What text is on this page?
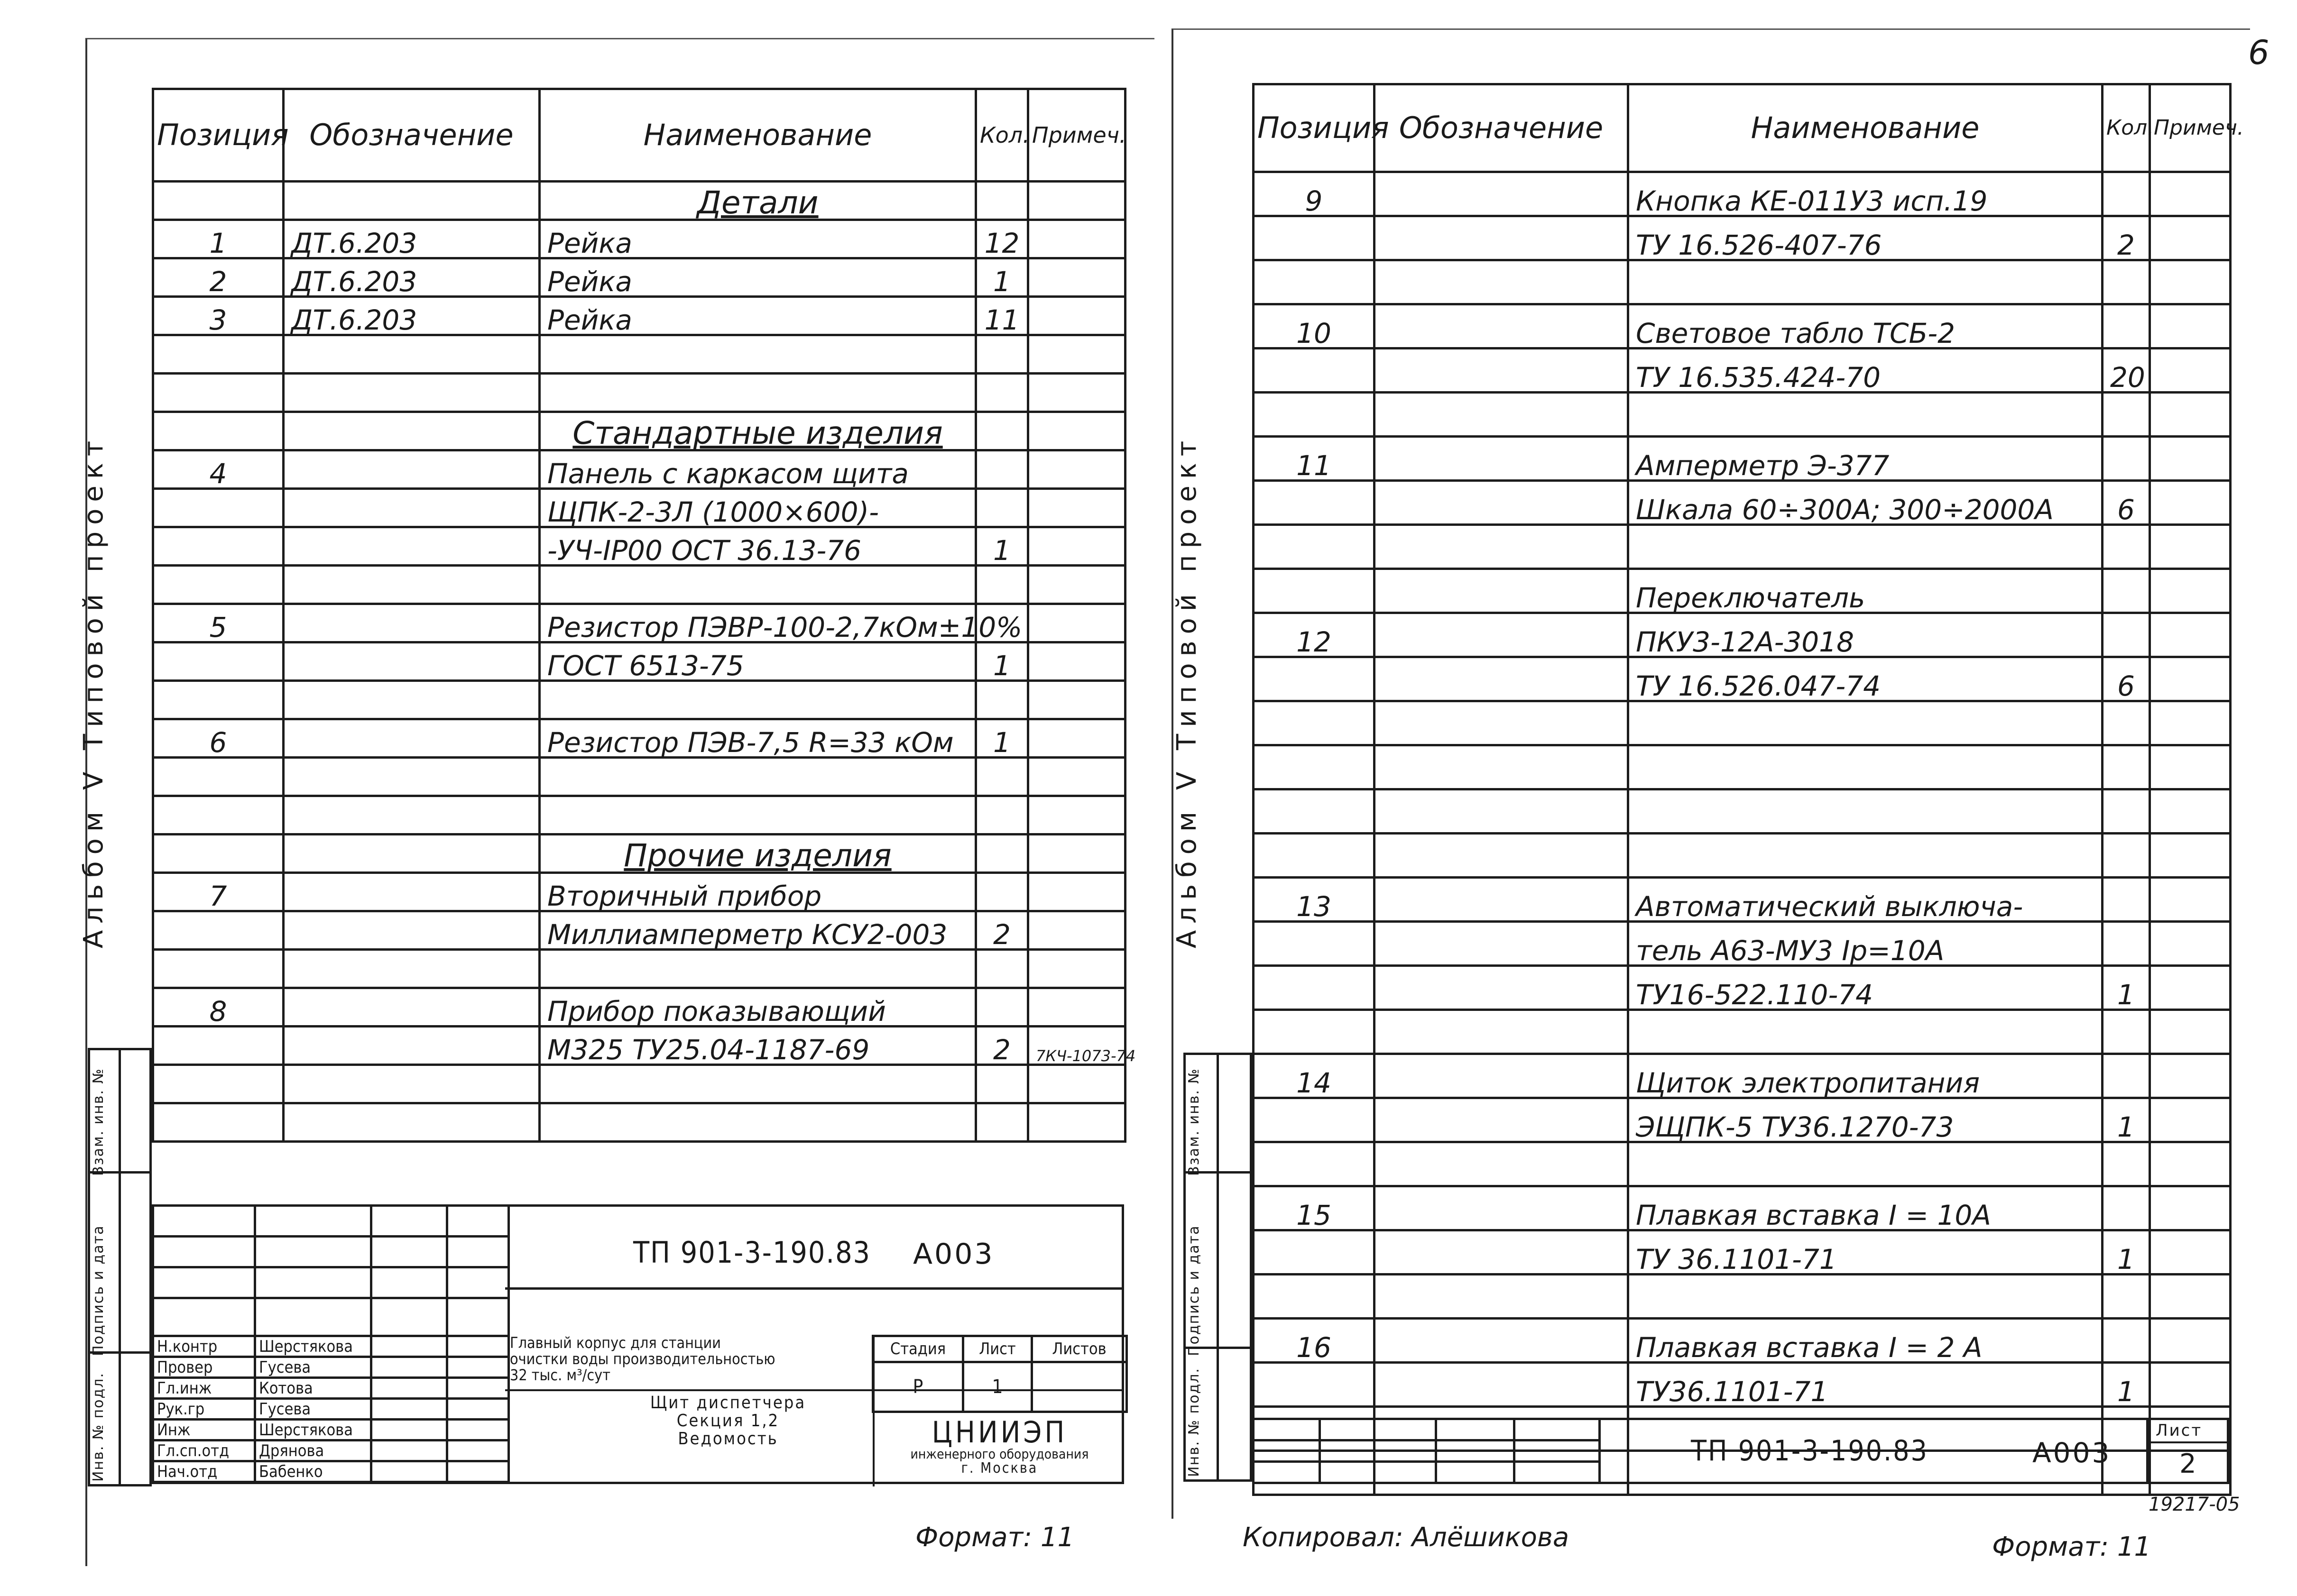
Позиция	Обозначение	Наименование	Кол.	Примеч.
		Детали		
1	ДТ.6.203	Рейка	12	
2	ДТ.6.203	Рейка	1	
3	ДТ.6.203	Рейка	11	

		Стандартные изделия		
4		Панель с каркасом щита		
		ЩПК-2-3Л (1000×600)-		
		-УЧ-IР00 ОСТ 36.13-76	1	

5		Резистор ПЭВР-100-2,7кОм±10%		
		ГОСТ 6513-75	1	

6		Резистор ПЭВ-7,5 R=33 кОм	1	

		Прочие изделия		
7		Вторичный прибор		
		Миллиамперметр КСУ2-003	2	

8		Прибор показывающий		
		М325 ТУ25.04-1187-69	2	7КЧ-1073-74

Альбом V Типовой проект

Взам. инв. №
Подпись и дата
Инв. № подл.

Н.контр	Шерстякова		
Провер	Гусева		
Гл.инж	Котова		
Рук.гр	Гусева		
Инж	Шерстякова		
Гл.сп.отд	Дрянова		
Нач.отд	Бабенко		
ТП 901-3-190.83 А003
Главный корпус для станции
очистки воды производительностью
32 тыс. м³/сут
Щит диспетчера
Секция 1,2
Ведомость
Стадия	Лист	Листов
Р	1	
ЦНИИЭП
инженерного оборудования
г. Москва
Формат: 11
6
Позиция	Обозначение	Наименование	Кол.	Примеч.
9		Кнопка КЕ-011У3 исп.19		
		ТУ 16.526-407-76	2	

10		Световое табло ТСБ-2		
		ТУ 16.535.424-70	20	

11		Амперметр Э-377		
		Шкала 60÷300А; 300÷2000А	6	

		Переключатель		
12		ПКУ3-12А-3018		
		ТУ 16.526.047-74	6	

13		Автоматический выключа-		
		тель А63-МУ3 Iр=10А		
		ТУ16-522.110-74	1	

14		Щиток электропитания		
		ЭЩПК-5 ТУ36.1270-73	1	

15		Плавкая вставка I = 10А		
		ТУ 36.1101-71	1	

16		Плавкая вставка I = 2 А		
		ТУ36.1101-71	1	

Альбом V Типовой проект

Взам. инв. №
Подпись и дата
Инв. № подл.

				ТП 901-3-190.83	А003
Лист
2
19217-05
Копировал: Алёшикова	Формат: 11
